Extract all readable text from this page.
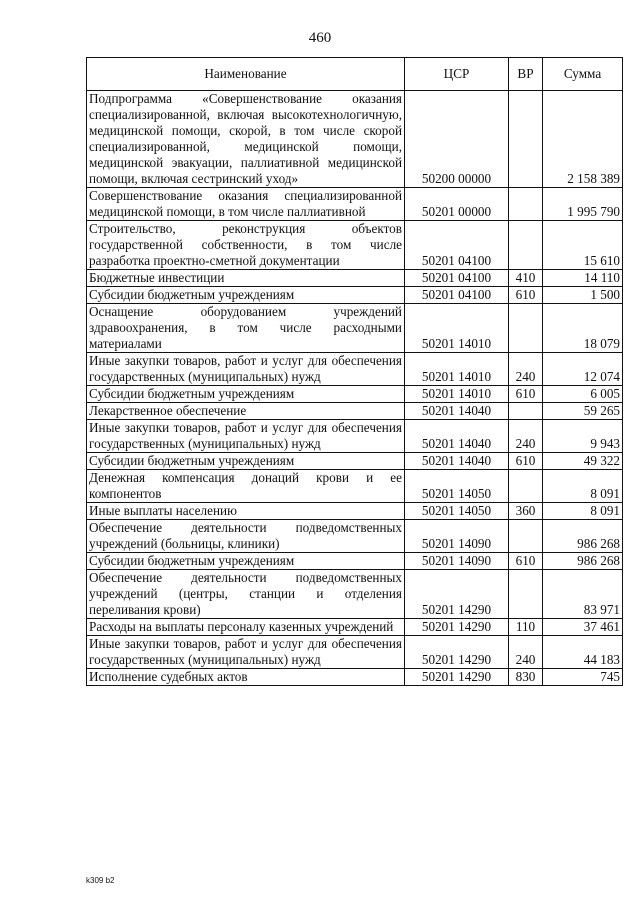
460
Наименование	ЦСР	ВР	Сумма
Подпрограмма «Совершенствование оказания специализированной, включая высокотехнологичную, медицинской помощи, скорой, в том числе скорой специализированной, медицинской помощи, медицинской эвакуации, паллиативной медицинской помощи, включая сестринский уход»	50200 00000		2 158 389
Совершенствование оказания специализированной медицинской помощи, в том числе паллиативной	50201 00000		1 995 790
Строительство, реконструкция объектов государственной собственности, в том числе разработка проектно-сметной документации	50201 04100		15 610
Бюджетные инвестиции	50201 04100	410	14 110
Субсидии бюджетным учреждениям	50201 04100	610	1 500
Оснащение оборудованием учреждений здравоохранения, в том числе расходными материалами	50201 14010		18 079
Иные закупки товаров, работ и услуг для обеспечения государственных (муниципальных) нужд	50201 14010	240	12 074
Субсидии бюджетным учреждениям	50201 14010	610	6 005
Лекарственное обеспечение	50201 14040		59 265
Иные закупки товаров, работ и услуг для обеспечения государственных (муниципальных) нужд	50201 14040	240	9 943
Субсидии бюджетным учреждениям	50201 14040	610	49 322
Денежная компенсация донаций крови и ее компонентов	50201 14050		8 091
Иные выплаты населению	50201 14050	360	8 091
Обеспечение деятельности подведомственных учреждений (больницы, клиники)	50201 14090		986 268
Субсидии бюджетным учреждениям	50201 14090	610	986 268
Обеспечение деятельности подведомственных учреждений (центры, станции и отделения переливания крови)	50201 14290		83 971
Расходы на выплаты персоналу казенных учреждений	50201 14290	110	37 461
Иные закупки товаров, работ и услуг для обеспечения государственных (муниципальных) нужд	50201 14290	240	44 183
Исполнение судебных актов	50201 14290	830	745
k309 b2
